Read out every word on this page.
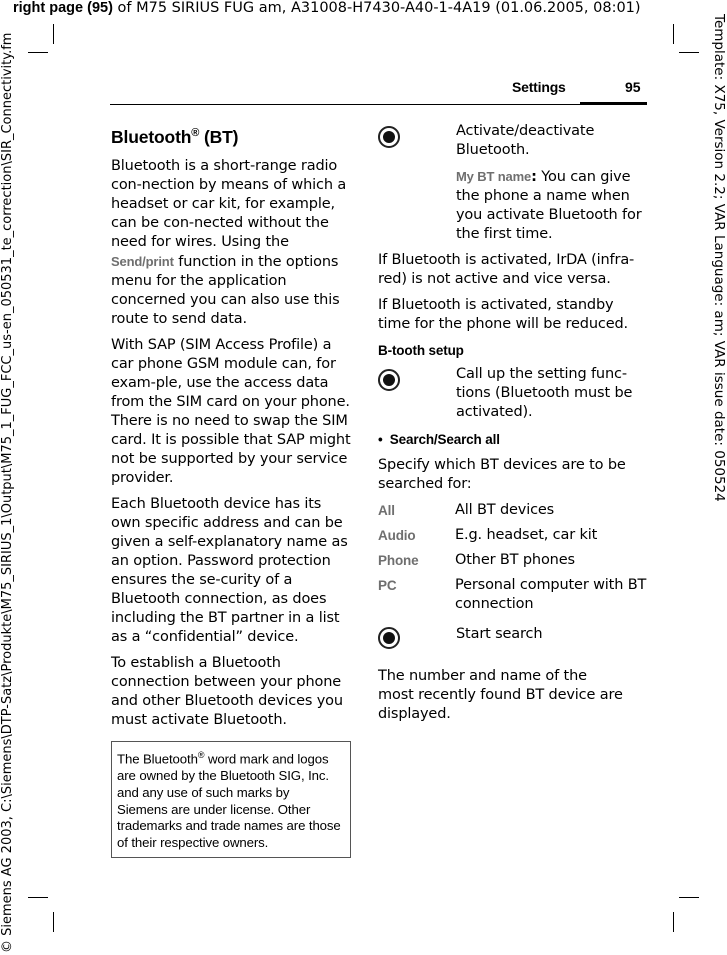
right page (95) of M75 SIRIUS FUG am, A31008-H7430-A40-1-4A19 (01.06.2005, 08:01)
© Siemens AG 2003, C:\Siemens\DTP-Satz\Produkte\M75_SIRIUS_1\Output\M75_1_FUG_FCC_us-en_050531_te_correction\SIR_Connectivity.fm	Template: X75, Version 2.2; VAR Language: am; VAR issue date: 050524
Settings	95
Bluetooth® (BT)

Bluetooth is a short-range radio con-nection by means of which a headset or car kit, for example, can be con-nected without the need for wires. Using the Send/print function in the options menu for the application concerned you can also use this route to send data.

With SAP (SIM Access Profile) a car phone GSM module can, for exam-ple, use the access data from the SIM card on your phone. There is no need to swap the SIM card. It is possible that SAP might not be supported by your service provider.

Each Bluetooth device has its own specific address and can be given a self-explanatory name as an option. Password protection ensures the se-curity of a Bluetooth connection, as does including the BT partner in a list as a “confidential” device.

To establish a Bluetooth connection between your phone and other Bluetooth devices you must activate Bluetooth.

The Bluetooth® word mark and logos are owned by the Bluetooth SIG, Inc. and any use of such marks by Siemens are under license. Other trademarks and trade names are those of their respective owners.
Activate/deactivate Bluetooth.
My BT name: You can give the phone a name when you activate Bluetooth for the first time.

If Bluetooth is activated, IrDA (infra-red) is not active and vice versa.

If Bluetooth is activated, standby time for the phone will be reduced.

B-tooth setup
Call up the setting func-tions (Bluetooth must be activated).
•  Search/Search all

Specify which BT devices are to be searched for:

All	All BT devices
Audio	E.g. headset, car kit
Phone	Other BT phones
PC	Personal computer with BT connection
Start search

The number and name of the
most recently found BT device are displayed.
